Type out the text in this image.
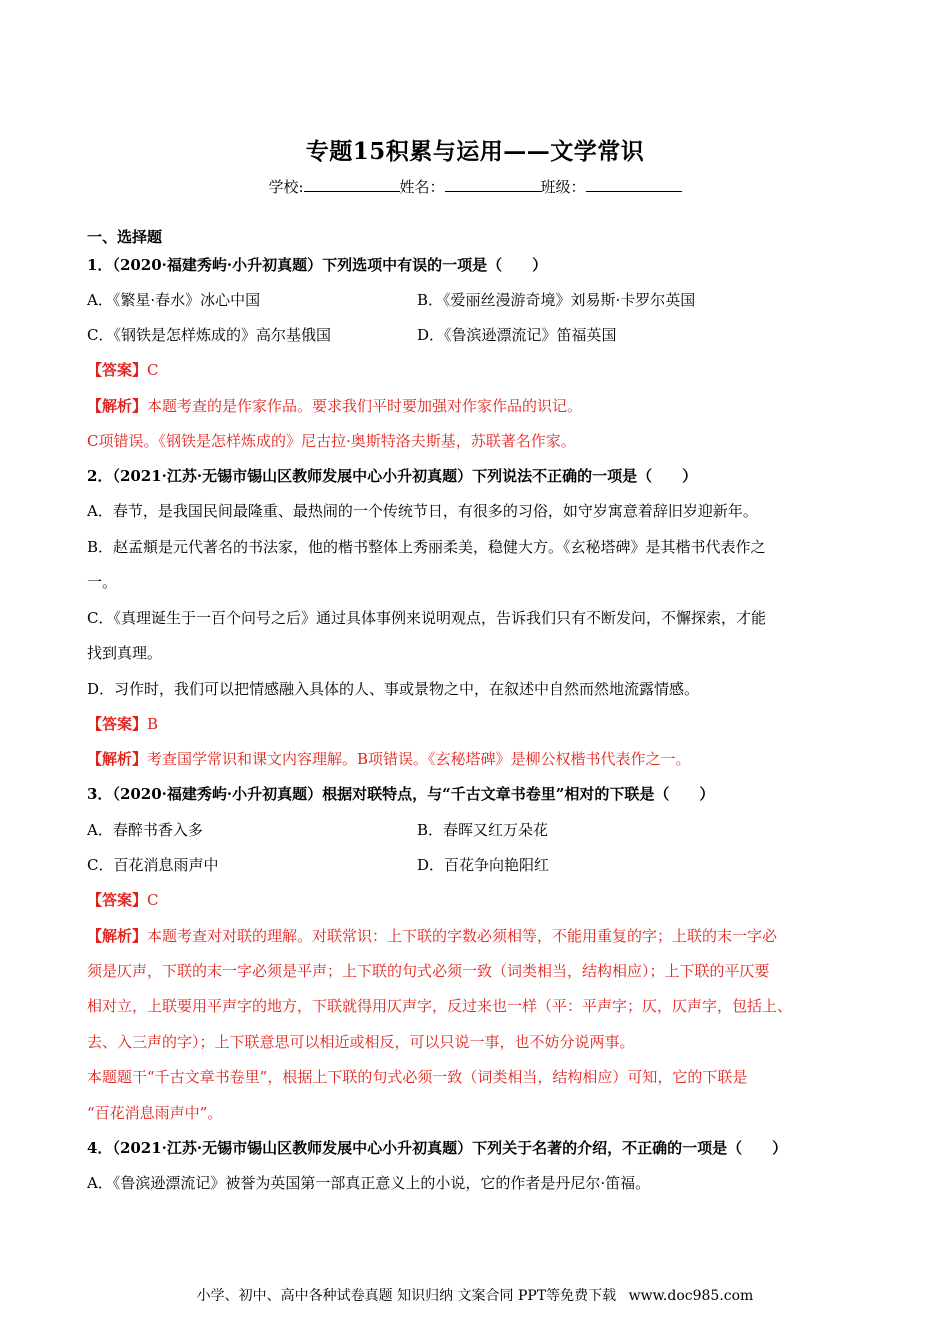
专题15积累与运用——文学常识
学校:	姓名：	班级：
一、选择题
1．（2020·福建秀屿·小升初真题）下列选项中有误的一项是（　　）
A．《繁星·春水》冰心中国	B．《爱丽丝漫游奇境》刘易斯·卡罗尔英国
C．《钢铁是怎样炼成的》高尔基俄国	D．《鲁滨逊漂流记》笛福英国
【答案】C
【解析】本题考查的是作家作品。要求我们平时要加强对作家作品的识记。
C项错误。《钢铁是怎样炼成的》尼古拉·奥斯特洛夫斯基，苏联著名作家。
2．（2021·江苏·无锡市锡山区教师发展中心小升初真题）下列说法不正确的一项是（　　）
A．春节，是我国民间最隆重、最热闹的一个传统节日，有很多的习俗，如守岁寓意着辞旧岁迎新年。
B．赵孟頫是元代著名的书法家，他的楷书整体上秀丽柔美，稳健大方。《玄秘塔碑》是其楷书代表作之
一。
C．《真理诞生于一百个问号之后》通过具体事例来说明观点，告诉我们只有不断发问，不懈探索，才能
找到真理。
D．习作时，我们可以把情感融入具体的人、事或景物之中，在叙述中自然而然地流露情感。
【答案】B
【解析】考查国学常识和课文内容理解。B项错误。《玄秘塔碑》是柳公权楷书代表作之一。
3．（2020·福建秀屿·小升初真题）根据对联特点，与“千古文章书卷里”相对的下联是（　　）
A．春醉书香入多	B．春晖又红万朵花
C．百花消息雨声中	D．百花争向艳阳红
【答案】C
【解析】本题考查对对联的理解。对联常识：上下联的字数必须相等，不能用重复的字；上联的末一字必
须是仄声，下联的末一字必须是平声；上下联的句式必须一致（词类相当，结构相应）；上下联的平仄要
相对立，上联要用平声字的地方，下联就得用仄声字，反过来也一样（平：平声字；仄，仄声字，包括上、
去、入三声的字）；上下联意思可以相近或相反，可以只说一事，也不妨分说两事。
本题题干“千古文章书卷里”，根据上下联的句式必须一致（词类相当，结构相应）可知，它的下联是
“百花消息雨声中”。
4．（2021·江苏·无锡市锡山区教师发展中心小升初真题）下列关于名著的介绍，不正确的一项是（　　）
A．《鲁滨逊漂流记》被誉为英国第一部真正意义上的小说，它的作者是丹尼尔·笛福。
小学、初中、高中各种试卷真题 知识归纳 文案合同 PPT等免费下载 www.doc985.com
